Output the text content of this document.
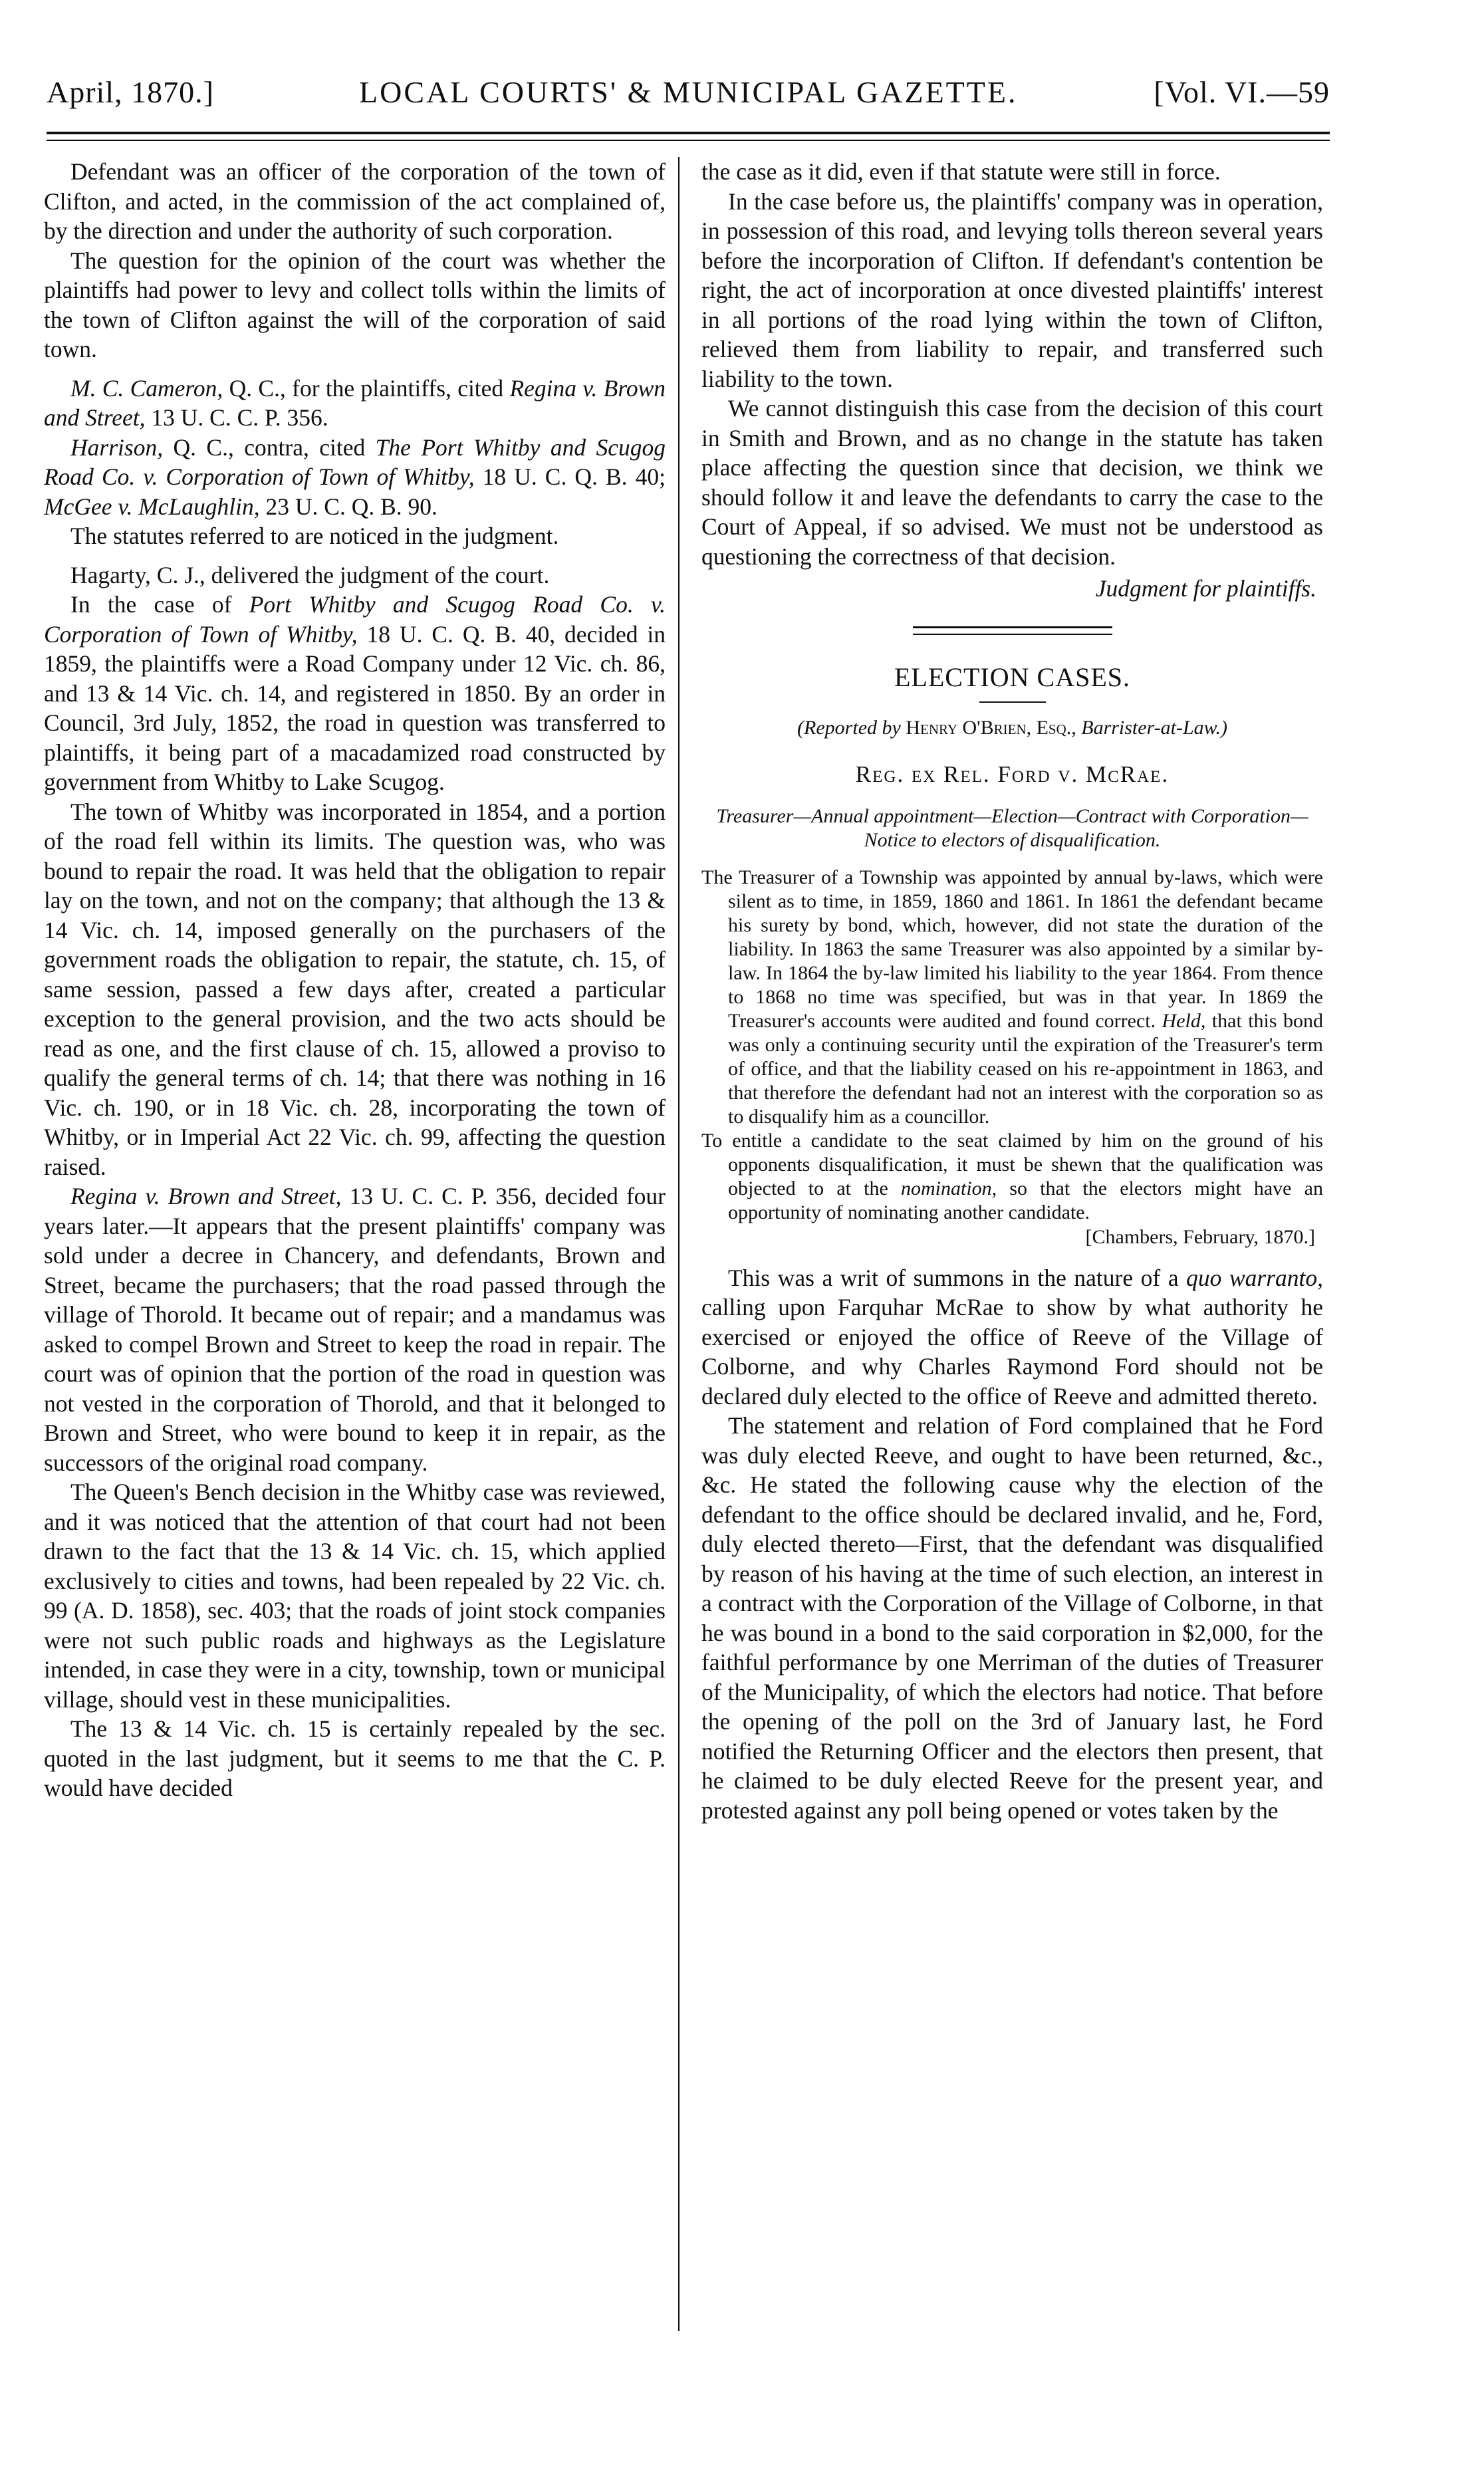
April, 1870.]	LOCAL COURTS' & MUNICIPAL GAZETTE.	[Vol. VI.—59

Defendant was an officer of the corporation of the town of Clifton, and acted, in the commission of the act complained of, by the direction and under the authority of such corporation.

The question for the opinion of the court was whether the plaintiffs had power to levy and collect tolls within the limits of the town of Clifton against the will of the corporation of said town.

M. C. Cameron, Q. C., for the plaintiffs, cited Regina v. Brown and Street, 13 U. C. C. P. 356.

Harrison, Q. C., contra, cited The Port Whitby and Scugog Road Co. v. Corporation of Town of Whitby, 18 U. C. Q. B. 40; McGee v. McLaughlin, 23 U. C. Q. B. 90.

The statutes referred to are noticed in the judgment.

Hagarty, C. J., delivered the judgment of the court.

In the case of Port Whitby and Scugog Road Co. v. Corporation of Town of Whitby, 18 U. C. Q. B. 40, decided in 1859, the plaintiffs were a Road Company under 12 Vic. ch. 86, and 13 & 14 Vic. ch. 14, and registered in 1850. By an order in Council, 3rd July, 1852, the road in question was transferred to plaintiffs, it being part of a macadamized road constructed by government from Whitby to Lake Scugog.

The town of Whitby was incorporated in 1854, and a portion of the road fell within its limits. The question was, who was bound to repair the road. It was held that the obligation to repair lay on the town, and not on the company; that although the 13 & 14 Vic. ch. 14, imposed generally on the purchasers of the government roads the obligation to repair, the statute, ch. 15, of same session, passed a few days after, created a particular exception to the general provision, and the two acts should be read as one, and the first clause of ch. 15, allowed a proviso to qualify the general terms of ch. 14; that there was nothing in 16 Vic. ch. 190, or in 18 Vic. ch. 28, incorporating the town of Whitby, or in Imperial Act 22 Vic. ch. 99, affecting the question raised.

Regina v. Brown and Street, 13 U. C. C. P. 356, decided four years later.—It appears that the present plaintiffs' company was sold under a decree in Chancery, and defendants, Brown and Street, became the purchasers; that the road passed through the village of Thorold. It became out of repair; and a mandamus was asked to compel Brown and Street to keep the road in repair. The court was of opinion that the portion of the road in question was not vested in the corporation of Thorold, and that it belonged to Brown and Street, who were bound to keep it in repair, as the successors of the original road company.

The Queen's Bench decision in the Whitby case was reviewed, and it was noticed that the attention of that court had not been drawn to the fact that the 13 & 14 Vic. ch. 15, which applied exclusively to cities and towns, had been repealed by 22 Vic. ch. 99 (A. D. 1858), sec. 403; that the roads of joint stock companies were not such public roads and highways as the Legislature intended, in case they were in a city, township, town or municipal village, should vest in these municipalities.

The 13 & 14 Vic. ch. 15 is certainly repealed by the sec. quoted in the last judgment, but it seems to me that the C. P. would have decided

the case as it did, even if that statute were still in force.

In the case before us, the plaintiffs' company was in operation, in possession of this road, and levying tolls thereon several years before the incorporation of Clifton. If defendant's contention be right, the act of incorporation at once divested plaintiffs' interest in all portions of the road lying within the town of Clifton, relieved them from liability to repair, and transferred such liability to the town.

We cannot distinguish this case from the decision of this court in Smith and Brown, and as no change in the statute has taken place affecting the question since that decision, we think we should follow it and leave the defendants to carry the case to the Court of Appeal, if so advised. We must not be understood as questioning the correctness of that decision.

Judgment for plaintiffs.
ELECTION CASES.
(Reported by Henry O'Brien, Esq., Barrister-at-Law.)
Reg. ex Rel. Ford v. McRae.
Treasurer—Annual appointment—Election—Contract with Corporation—Notice to electors of disqualification.

The Treasurer of a Township was appointed by annual by-laws, which were silent as to time, in 1859, 1860 and 1861. In 1861 the defendant became his surety by bond, which, however, did not state the duration of the liability. In 1863 the same Treasurer was also appointed by a similar by-law. In 1864 the by-law limited his liability to the year 1864. From thence to 1868 no time was specified, but was in that year. In 1869 the Treasurer's accounts were audited and found correct. Held, that this bond was only a continuing security until the expiration of the Treasurer's term of office, and that the liability ceased on his re-appointment in 1863, and that therefore the defendant had not an interest with the corporation so as to disqualify him as a councillor.

To entitle a candidate to the seat claimed by him on the ground of his opponents disqualification, it must be shewn that the qualification was objected to at the nomination, so that the electors might have an opportunity of nominating another candidate.

[Chambers, February, 1870.]

This was a writ of summons in the nature of a quo warranto, calling upon Farquhar McRae to show by what authority he exercised or enjoyed the office of Reeve of the Village of Colborne, and why Charles Raymond Ford should not be declared duly elected to the office of Reeve and admitted thereto.

The statement and relation of Ford complained that he Ford was duly elected Reeve, and ought to have been returned, &c., &c. He stated the following cause why the election of the defendant to the office should be declared invalid, and he, Ford, duly elected thereto—First, that the defendant was disqualified by reason of his having at the time of such election, an interest in a contract with the Corporation of the Village of Colborne, in that he was bound in a bond to the said corporation in $2,000, for the faithful performance by one Merriman of the duties of Treasurer of the Municipality, of which the electors had notice. That before the opening of the poll on the 3rd of January last, he Ford notified the Returning Officer and the electors then present, that he claimed to be duly elected Reeve for the present year, and protested against any poll being opened or votes taken by the
